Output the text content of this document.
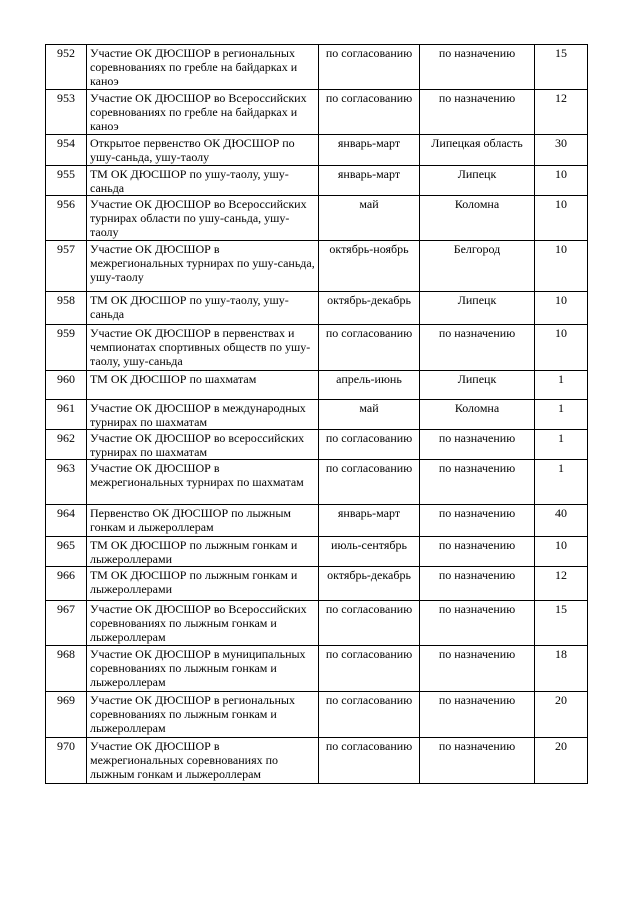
952	Участие ОК ДЮСШОР в региональных соревнованиях по гребле на байдарках и каноэ	по согласованию	по назначению	15
953	Участие ОК ДЮСШОР во Всероссийских соревнованиях по гребле на байдарках и каноэ	по согласованию	по назначению	12
954	Открытое первенство ОК ДЮСШОР по ушу-саньда, ушу-таолу	январь-март	Липецкая область	30
955	ТМ ОК ДЮСШОР по ушу-таолу, ушу-саньда	январь-март	Липецк	10
956	Участие ОК ДЮСШОР во Всероссийских турнирах области по ушу-саньда, ушу-таолу	май	Коломна	10
957	Участие ОК ДЮСШОР в межрегиональных турнирах по ушу-саньда, ушу-таолу	октябрь-ноябрь	Белгород	10
958	ТМ ОК ДЮСШОР по ушу-таолу, ушу-саньда	октябрь-декабрь	Липецк	10
959	Участие ОК ДЮСШОР в первенствах и чемпионатах спортивных обществ по ушу-таолу, ушу-саньда	по согласованию	по назначению	10
960	ТМ ОК ДЮСШОР по шахматам	апрель-июнь	Липецк	1
961	Участие ОК ДЮСШОР в международных турнирах по шахматам	май	Коломна	1
962	Участие ОК ДЮСШОР во всероссийских турнирах по шахматам	по согласованию	по назначению	1
963	Участие ОК ДЮСШОР в межрегиональных турнирах по шахматам	по согласованию	по назначению	1
964	Первенство ОК ДЮСШОР по лыжным гонкам и лыжероллерам	январь-март	по назначению	40
965	ТМ ОК ДЮСШОР по лыжным гонкам и лыжероллерами	июль-сентябрь	по назначению	10
966	ТМ ОК ДЮСШОР по лыжным гонкам и лыжероллерами	октябрь-декабрь	по назначению	12
967	Участие ОК ДЮСШОР во Всероссийских соревнованиях по лыжным гонкам и лыжероллерам	по согласованию	по назначению	15
968	Участие ОК ДЮСШОР в муниципальных соревнованиях по лыжным гонкам и лыжероллерам	по согласованию	по назначению	18
969	Участие ОК ДЮСШОР в региональных соревнованиях по лыжным гонкам и лыжероллерам	по согласованию	по назначению	20
970	Участие ОК ДЮСШОР в межрегиональных соревнованиях по лыжным гонкам и лыжероллерам	по согласованию	по назначению	20
